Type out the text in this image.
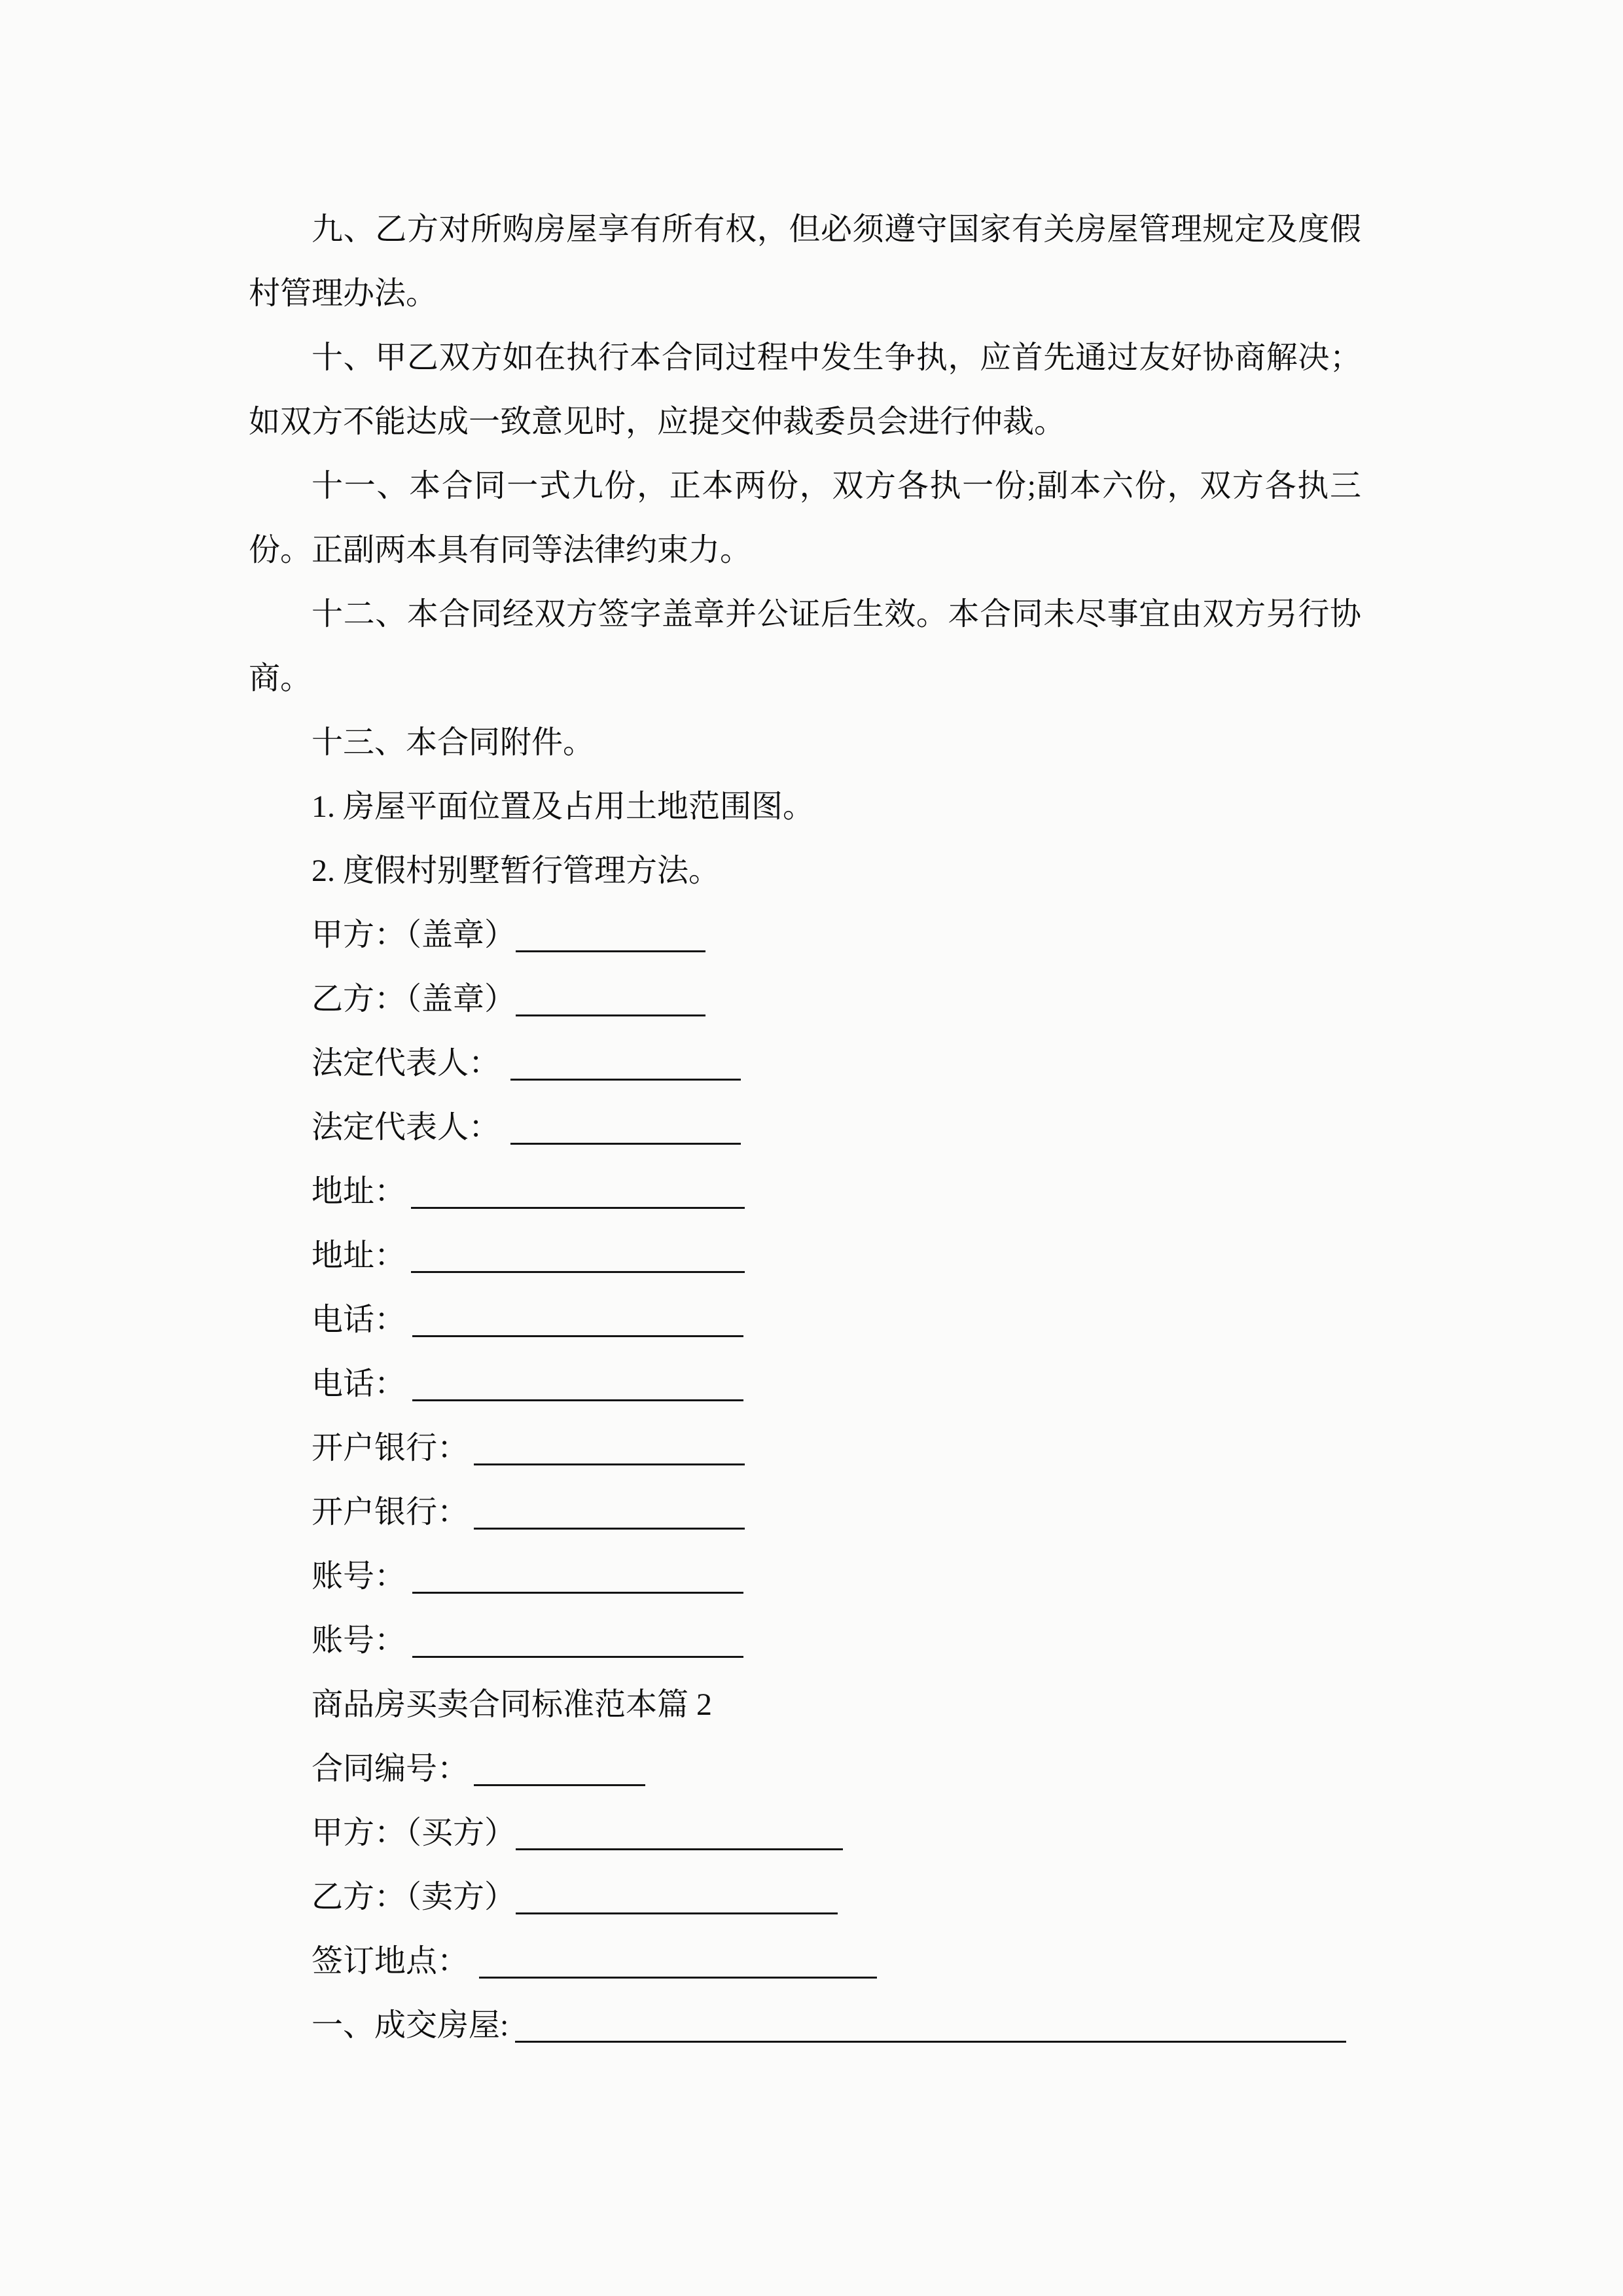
九、乙方对所购房屋享有所有权，但必须遵守国家有关房屋管理规定及度假村管理办法。

十、甲乙双方如在执行本合同过程中发生争执，应首先通过友好协商解决；如双方不能达成一致意见时，应提交仲裁委员会进行仲裁。

十一、本合同一式九份，正本两份，双方各执一份;副本六份，双方各执三份。正副两本具有同等法律约束力。

十二、本合同经双方签字盖章并公证后生效。本合同未尽事宜由双方另行协商。

十三、本合同附件。

1. 房屋平面位置及占用土地范围图。

2. 度假村别墅暂行管理方法。

甲方：（盖章）

乙方：（盖章）

法定代表人：

法定代表人：

地址：

地址：

电话：

电话：

开户银行：

开户银行：

账号：

账号：

商品房买卖合同标准范本篇 2

合同编号：

甲方：（买方）

乙方：（卖方）

签订地点：

一、成交房屋:
